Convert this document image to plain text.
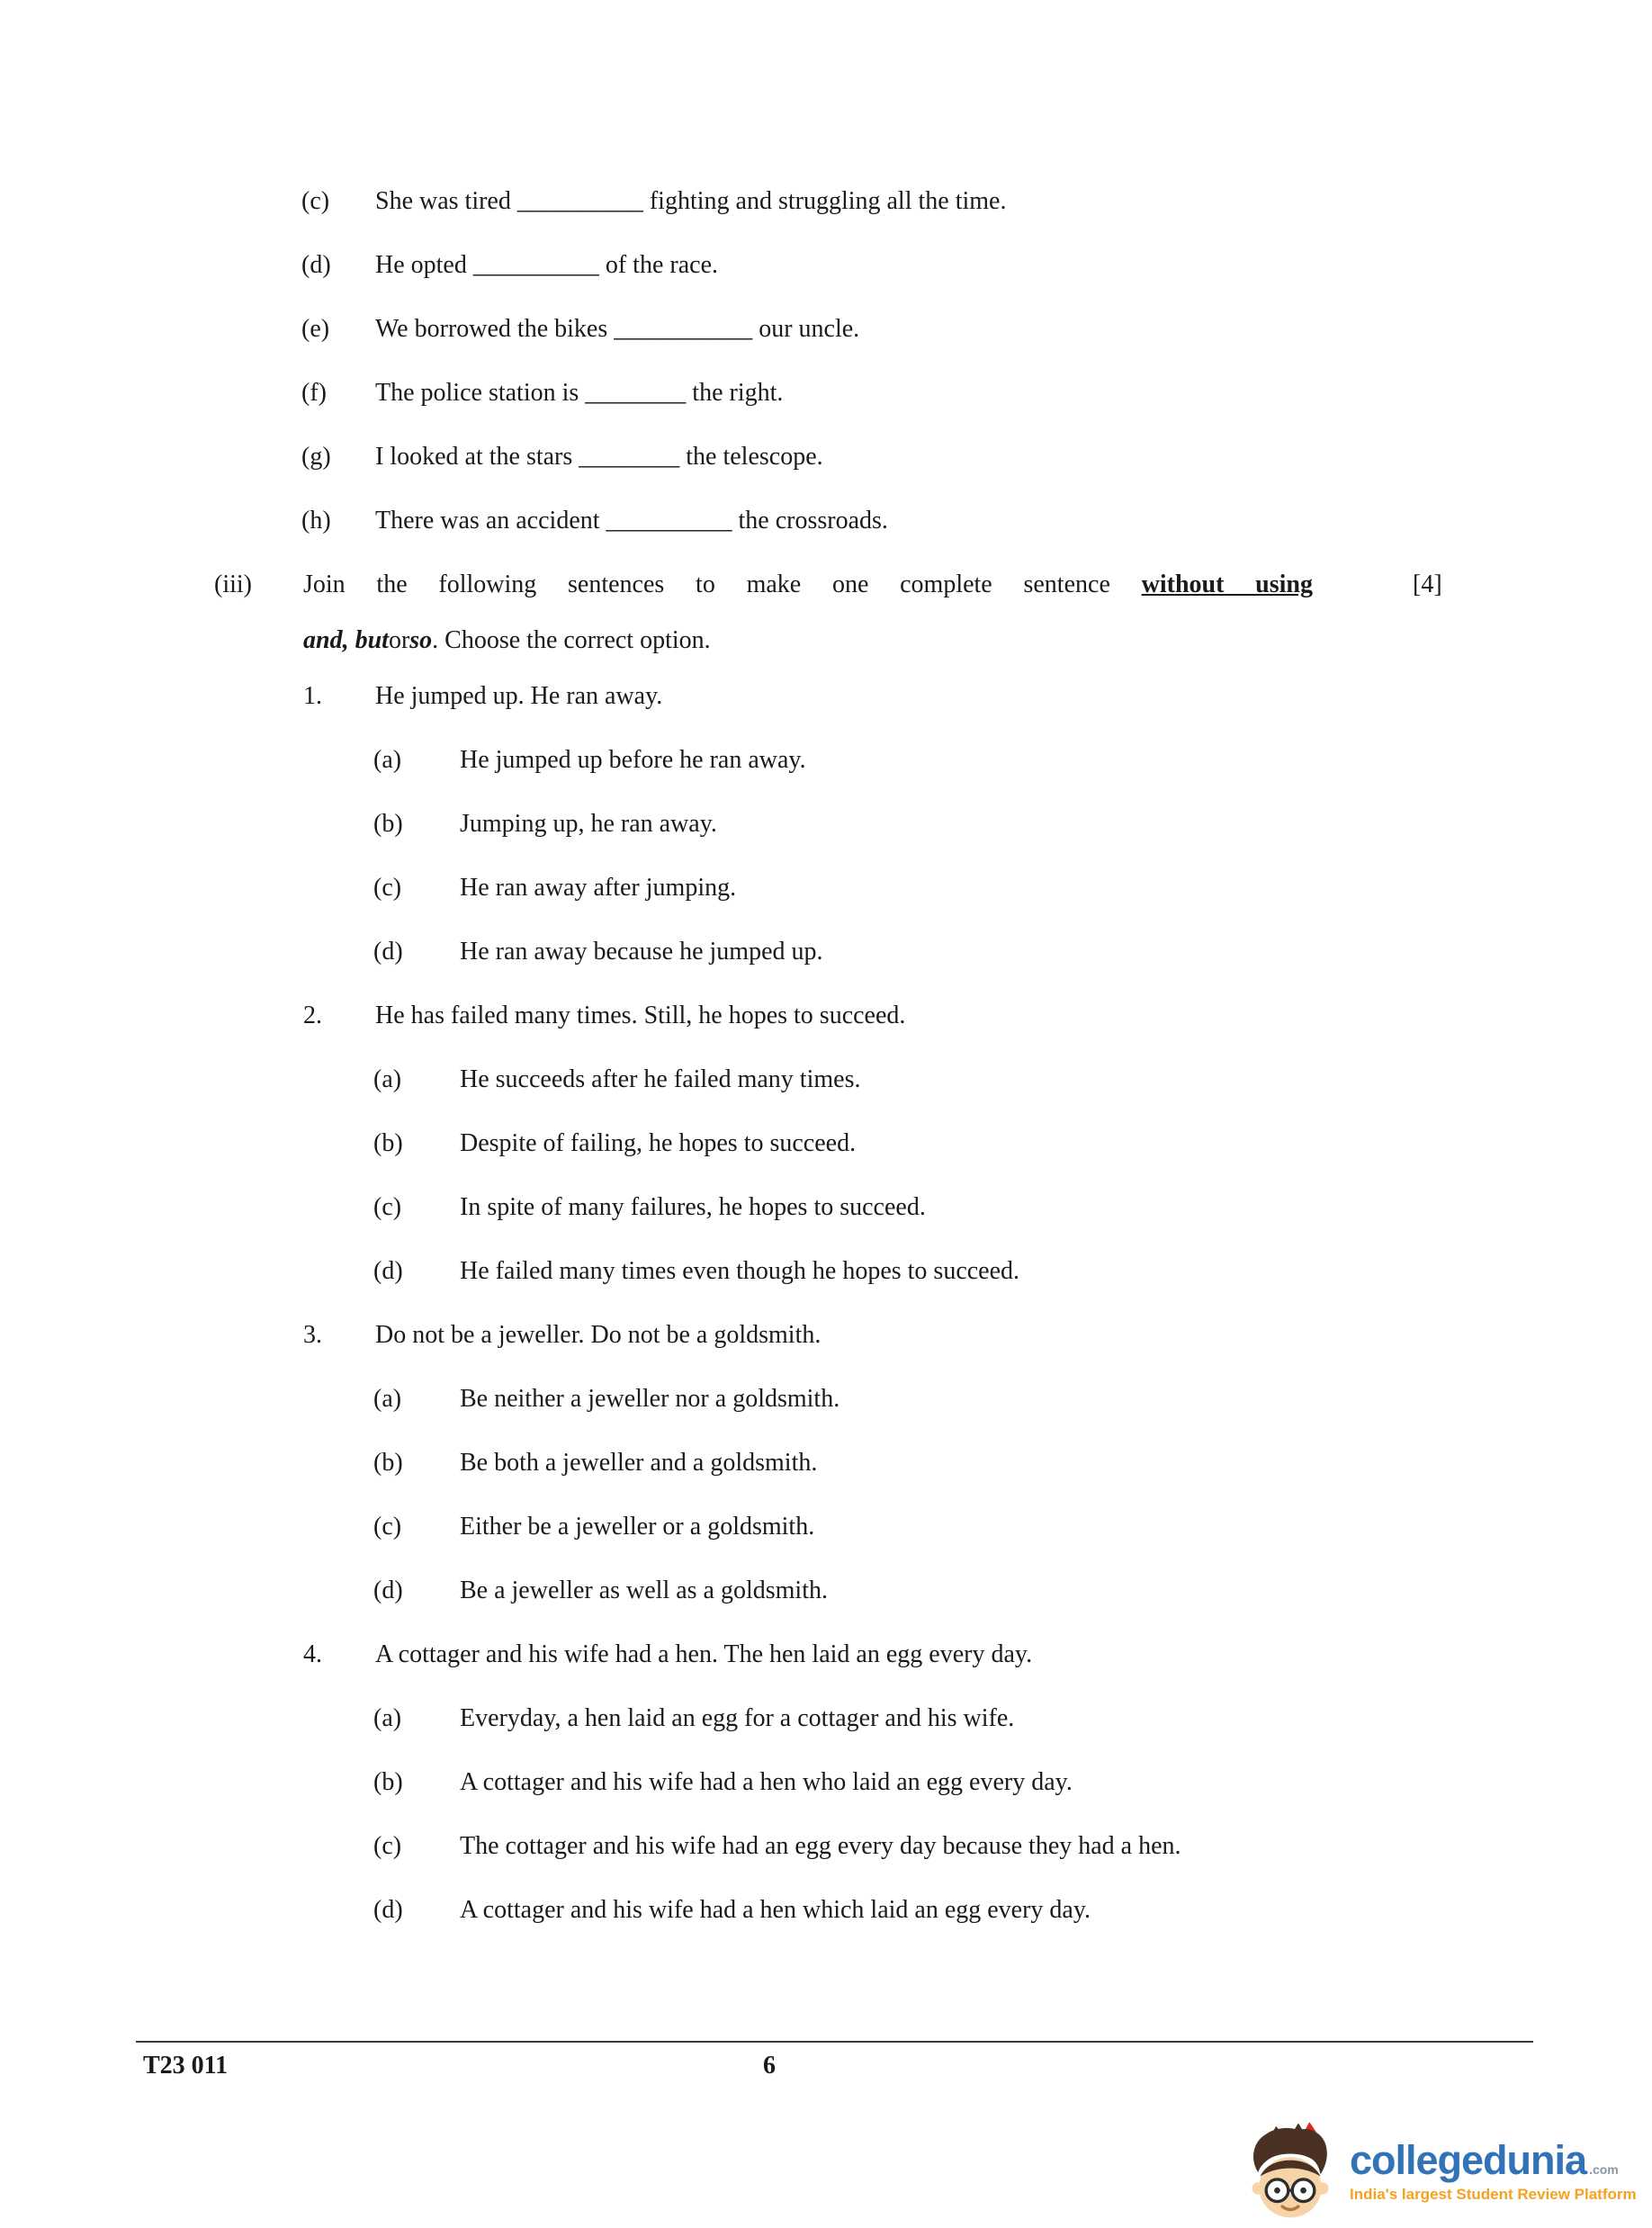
(c)	She was tired __________ fighting and struggling all the time.
(d)	He opted __________ of the race.
(e)	We borrowed the bikes ___________ our uncle.
(f)	The police station is ________ the right.
(g)	I looked at the stars ________ the telescope.
(h)	There was an accident __________ the crossroads.
(iii)	Join the following sentences to make one complete sentence without using	[4]
and, but or so . Choose the correct option.
1.	He jumped up. He ran away.
(a)	He jumped up before he ran away.
(b)	Jumping up, he ran away.
(c)	He ran away after jumping.
(d)	He ran away because he jumped up.
2.	He has failed many times. Still, he hopes to succeed.
(a)	He succeeds after he failed many times.
(b)	Despite of failing, he hopes to succeed.
(c)	In spite of many failures, he hopes to succeed.
(d)	He failed many times even though he hopes to succeed.
3.	Do not be a jeweller. Do not be a goldsmith.
(a)	Be neither a jeweller nor a goldsmith.
(b)	Be both a jeweller and a goldsmith.
(c)	Either be a jeweller or a goldsmith.
(d)	Be a jeweller as well as a goldsmith.
4.	A cottager and his wife had a hen. The hen laid an egg every day.
(a)	Everyday, a hen laid an egg for a cottager and his wife.
(b)	A cottager and his wife had a hen who laid an egg every day.
(c)	The cottager and his wife had an egg every day because they had a hen.
(d)	A cottager and his wife had a hen which laid an egg every day.
T23 011	6
collegedunia .com
India's largest Student Review Platform
